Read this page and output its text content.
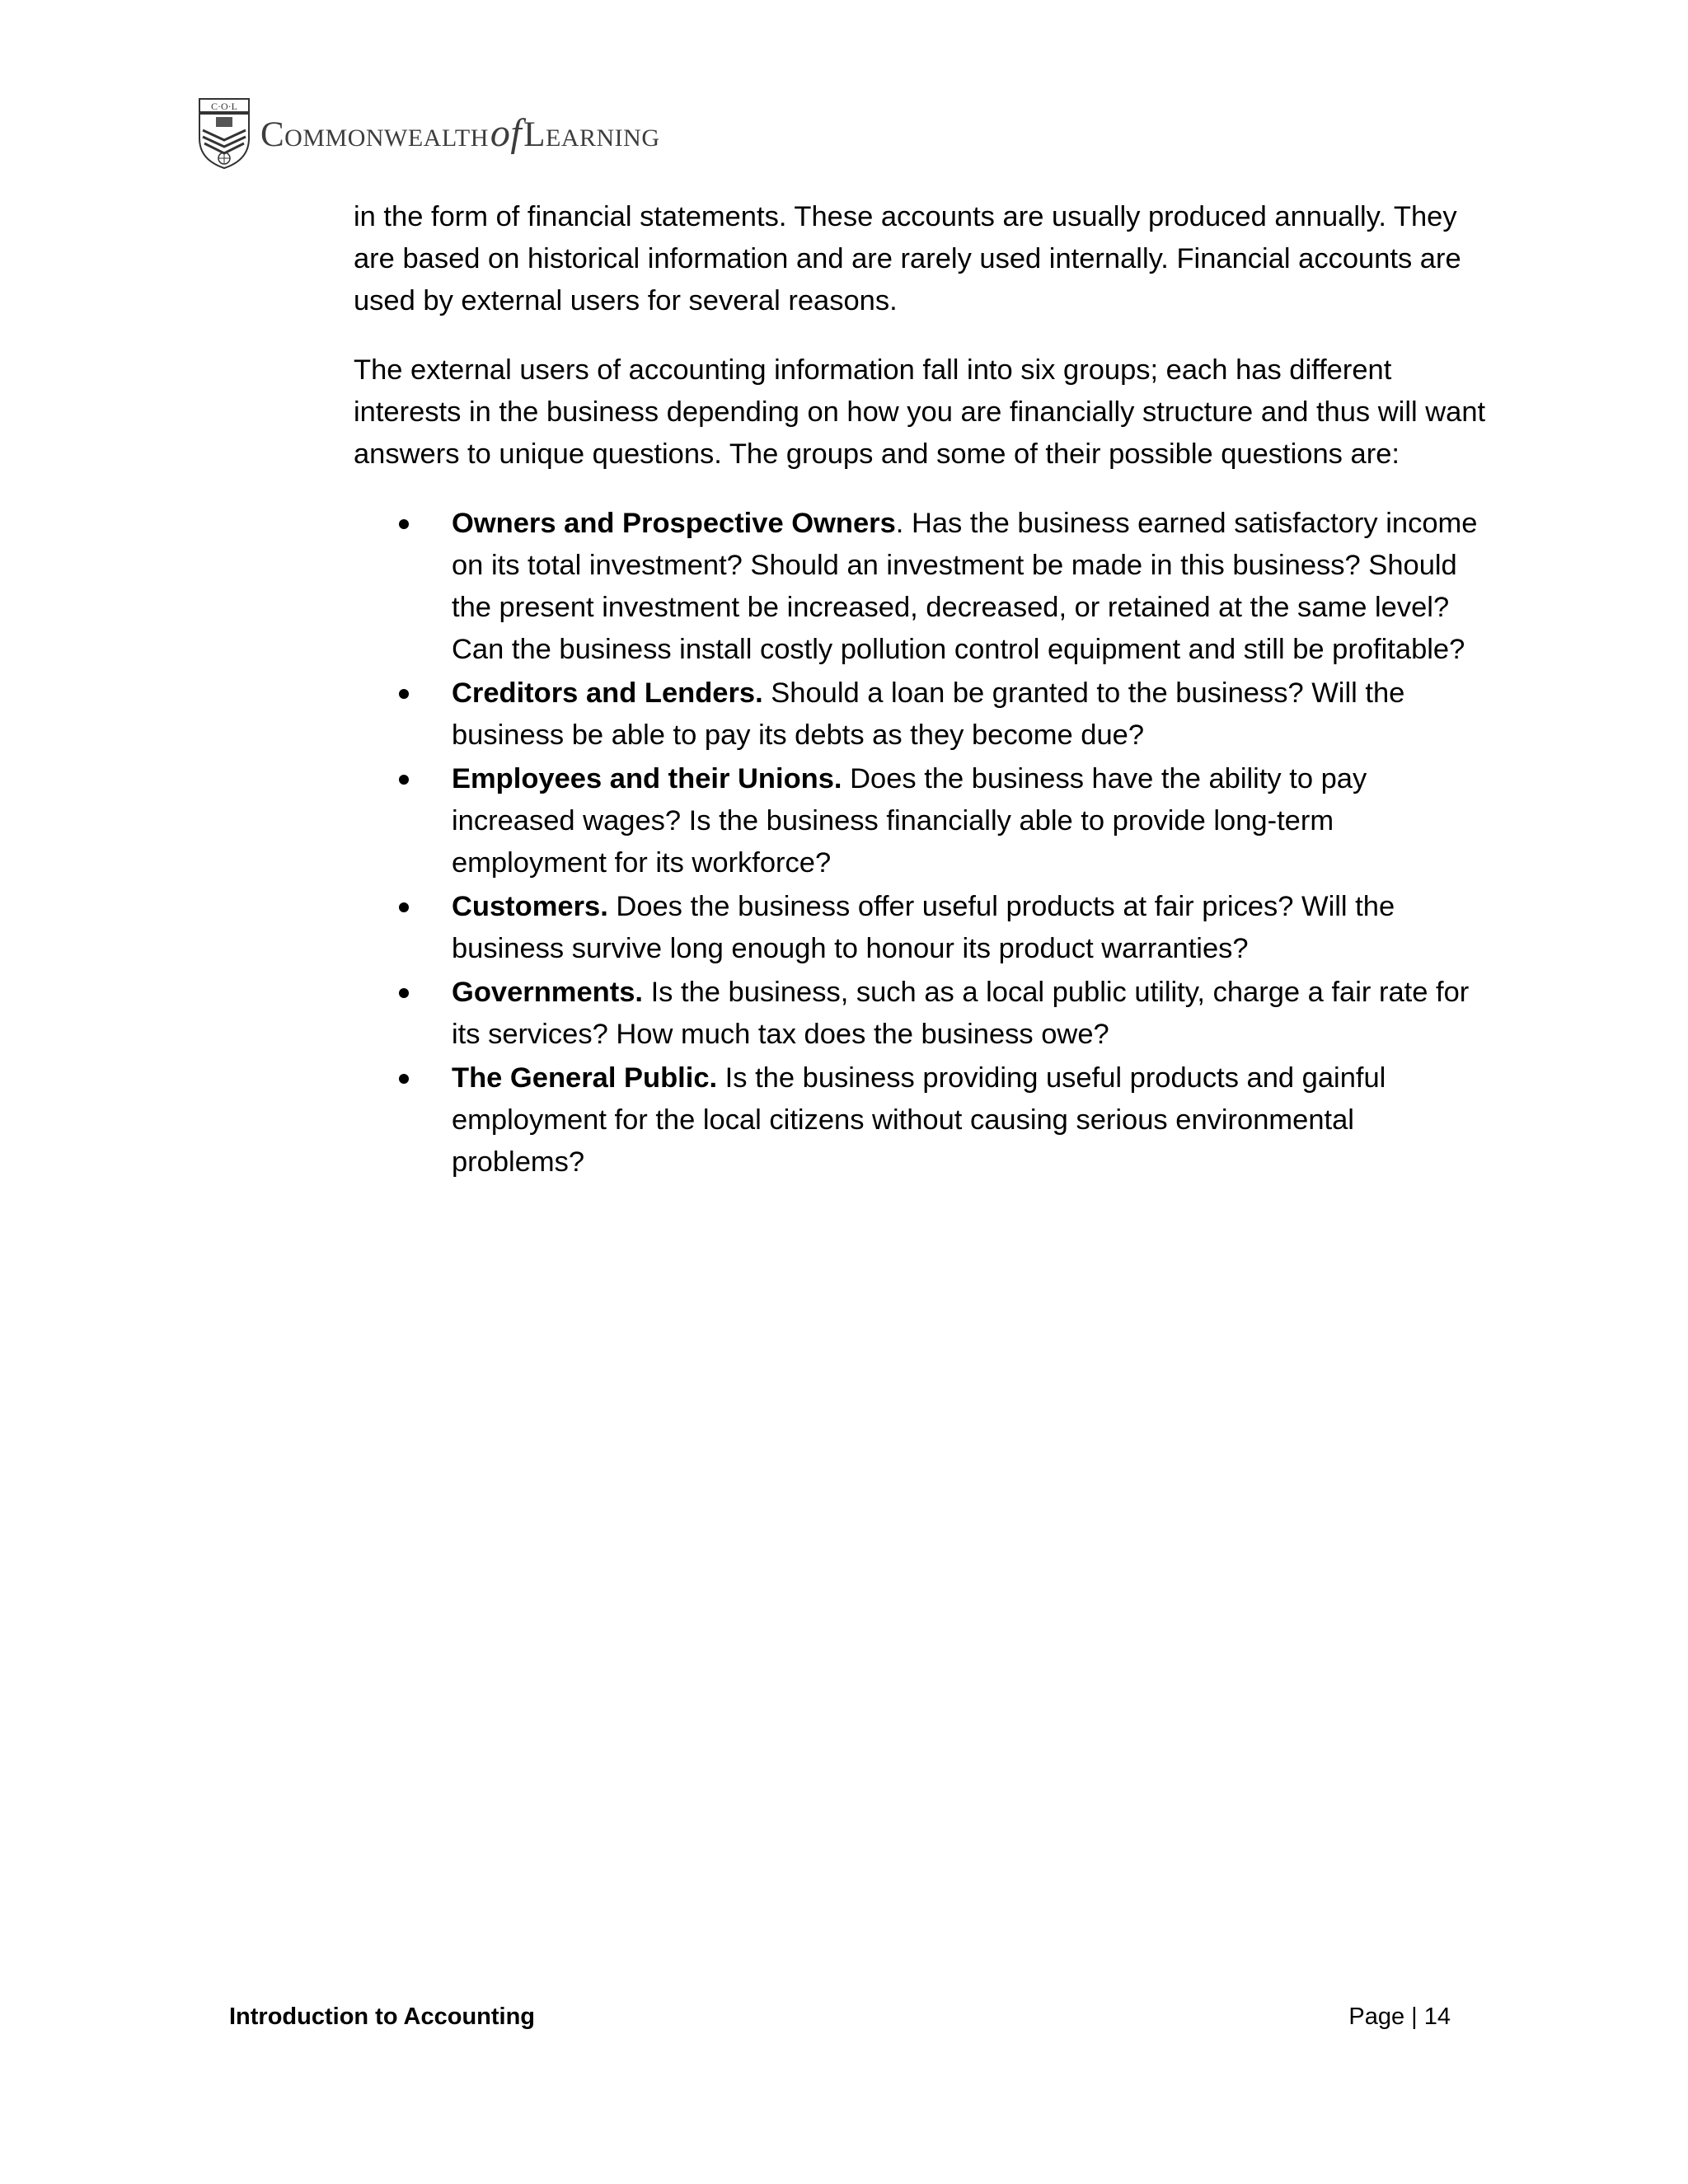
C·O·L
CommonwealthofLearning

in the form of financial statements. These accounts are usually produced annually. They are based on historical information and are rarely used internally. Financial accounts are used by external users for several reasons.

The external users of accounting information fall into six groups; each has different interests in the business depending on how you are financially structure and thus will want answers to unique questions. The groups and some of their possible questions are:

Owners and Prospective Owners. Has the business earned satisfactory income on its total investment? Should an investment be made in this business? Should the present investment be increased, decreased, or retained at the same level? Can the business install costly pollution control equipment and still be profitable?
Creditors and Lenders. Should a loan be granted to the business? Will the business be able to pay its debts as they become due?
Employees and their Unions. Does the business have the ability to pay increased wages? Is the business financially able to provide long-term employment for its workforce?
Customers. Does the business offer useful products at fair prices? Will the business survive long enough to honour its product warranties?
Governments. Is the business, such as a local public utility, charge a fair rate for its services? How much tax does the business owe?
The General Public. Is the business providing useful products and gainful employment for the local citizens without causing serious environmental problems?
Introduction to Accounting	Page | 14
